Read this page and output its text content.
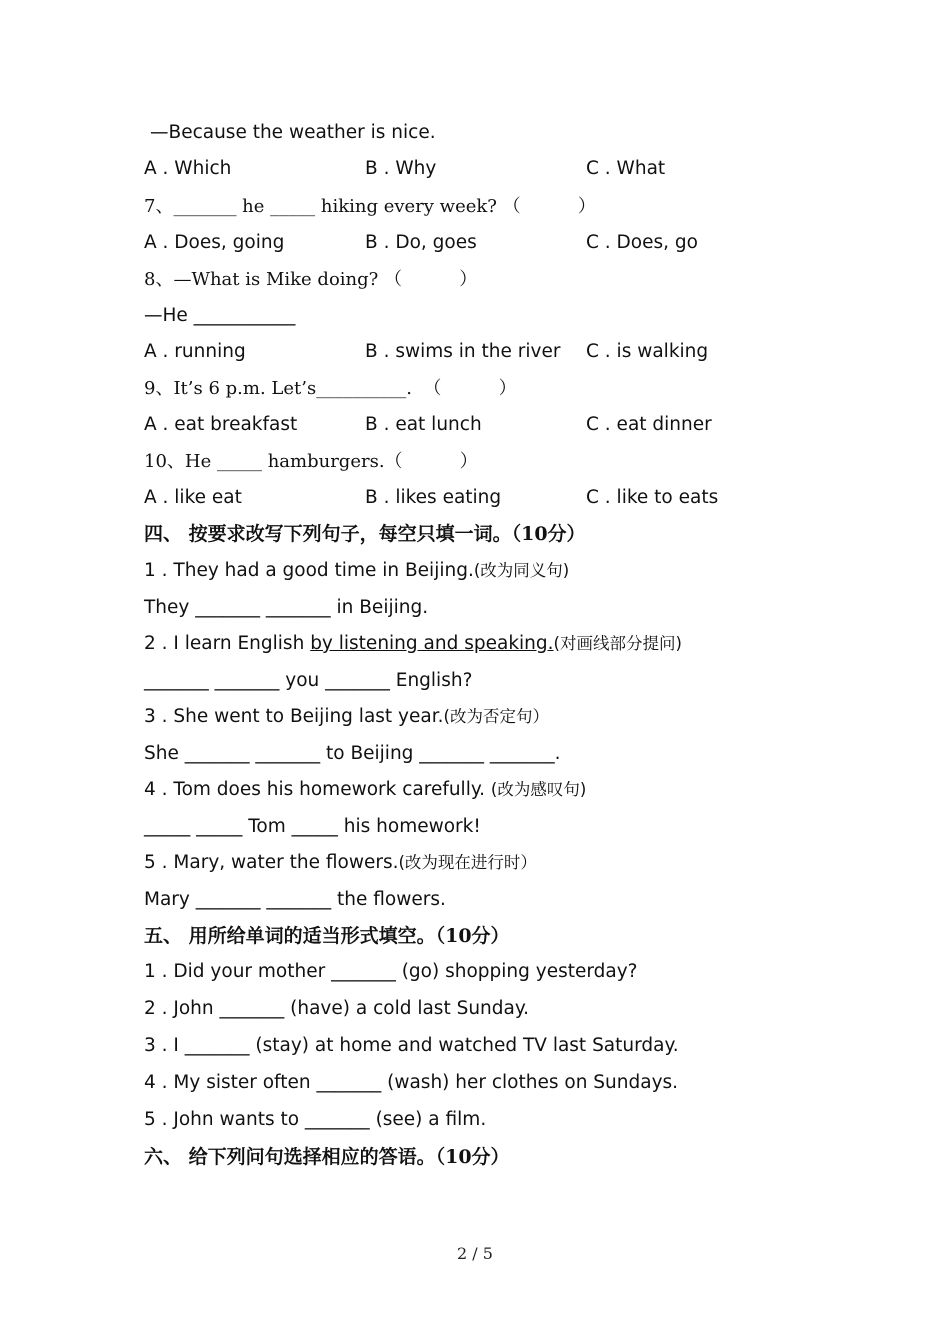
—Because the weather is nice.
A . Which	B . Why	C . What
7、_______ he _____ hiking every week? （          ）
A . Does, going	B . Do, goes	C . Does, go
8、—What is Mike doing? （          ）
—He ___________
A . running	B . swims in the river C . is walking
9、It’s 6 p.m. Let’s__________.  （          ）
A . eat breakfast	B . eat lunch	C . eat dinner
10、He _____ hamburgers.（          ）
A . like eat	B . likes eating	C . like to eats
四、 按要求改写下列句子，每空只填一词。（10分）
1 . They had a good time in Beijing.(改为同义句)
They _______ _______ in Beijing.
2 . I learn English by listening and speaking.(对画线部分提问)
_______ _______ you _______ English?
3 . She went to Beijing last year.(改为否定句）
She _______ _______ to Beijing _______ _______.
4 . Tom does his homework carefully. (改为感叹句)
_____ _____ Tom _____ his homework!
5 . Mary, water the flowers.(改为现在进行时）
Mary _______ _______ the flowers.
五、 用所给单词的适当形式填空。（10分）
1 . Did your mother _______ (go) shopping yesterday?
2 . John _______ (have) a cold last Sunday.
3 . I _______ (stay) at home and watched TV last Saturday.
4 . My sister often _______ (wash) her clothes on Sundays.
5 . John wants to _______ (see) a film.
六、 给下列问句选择相应的答语。（10分）
2 / 5
